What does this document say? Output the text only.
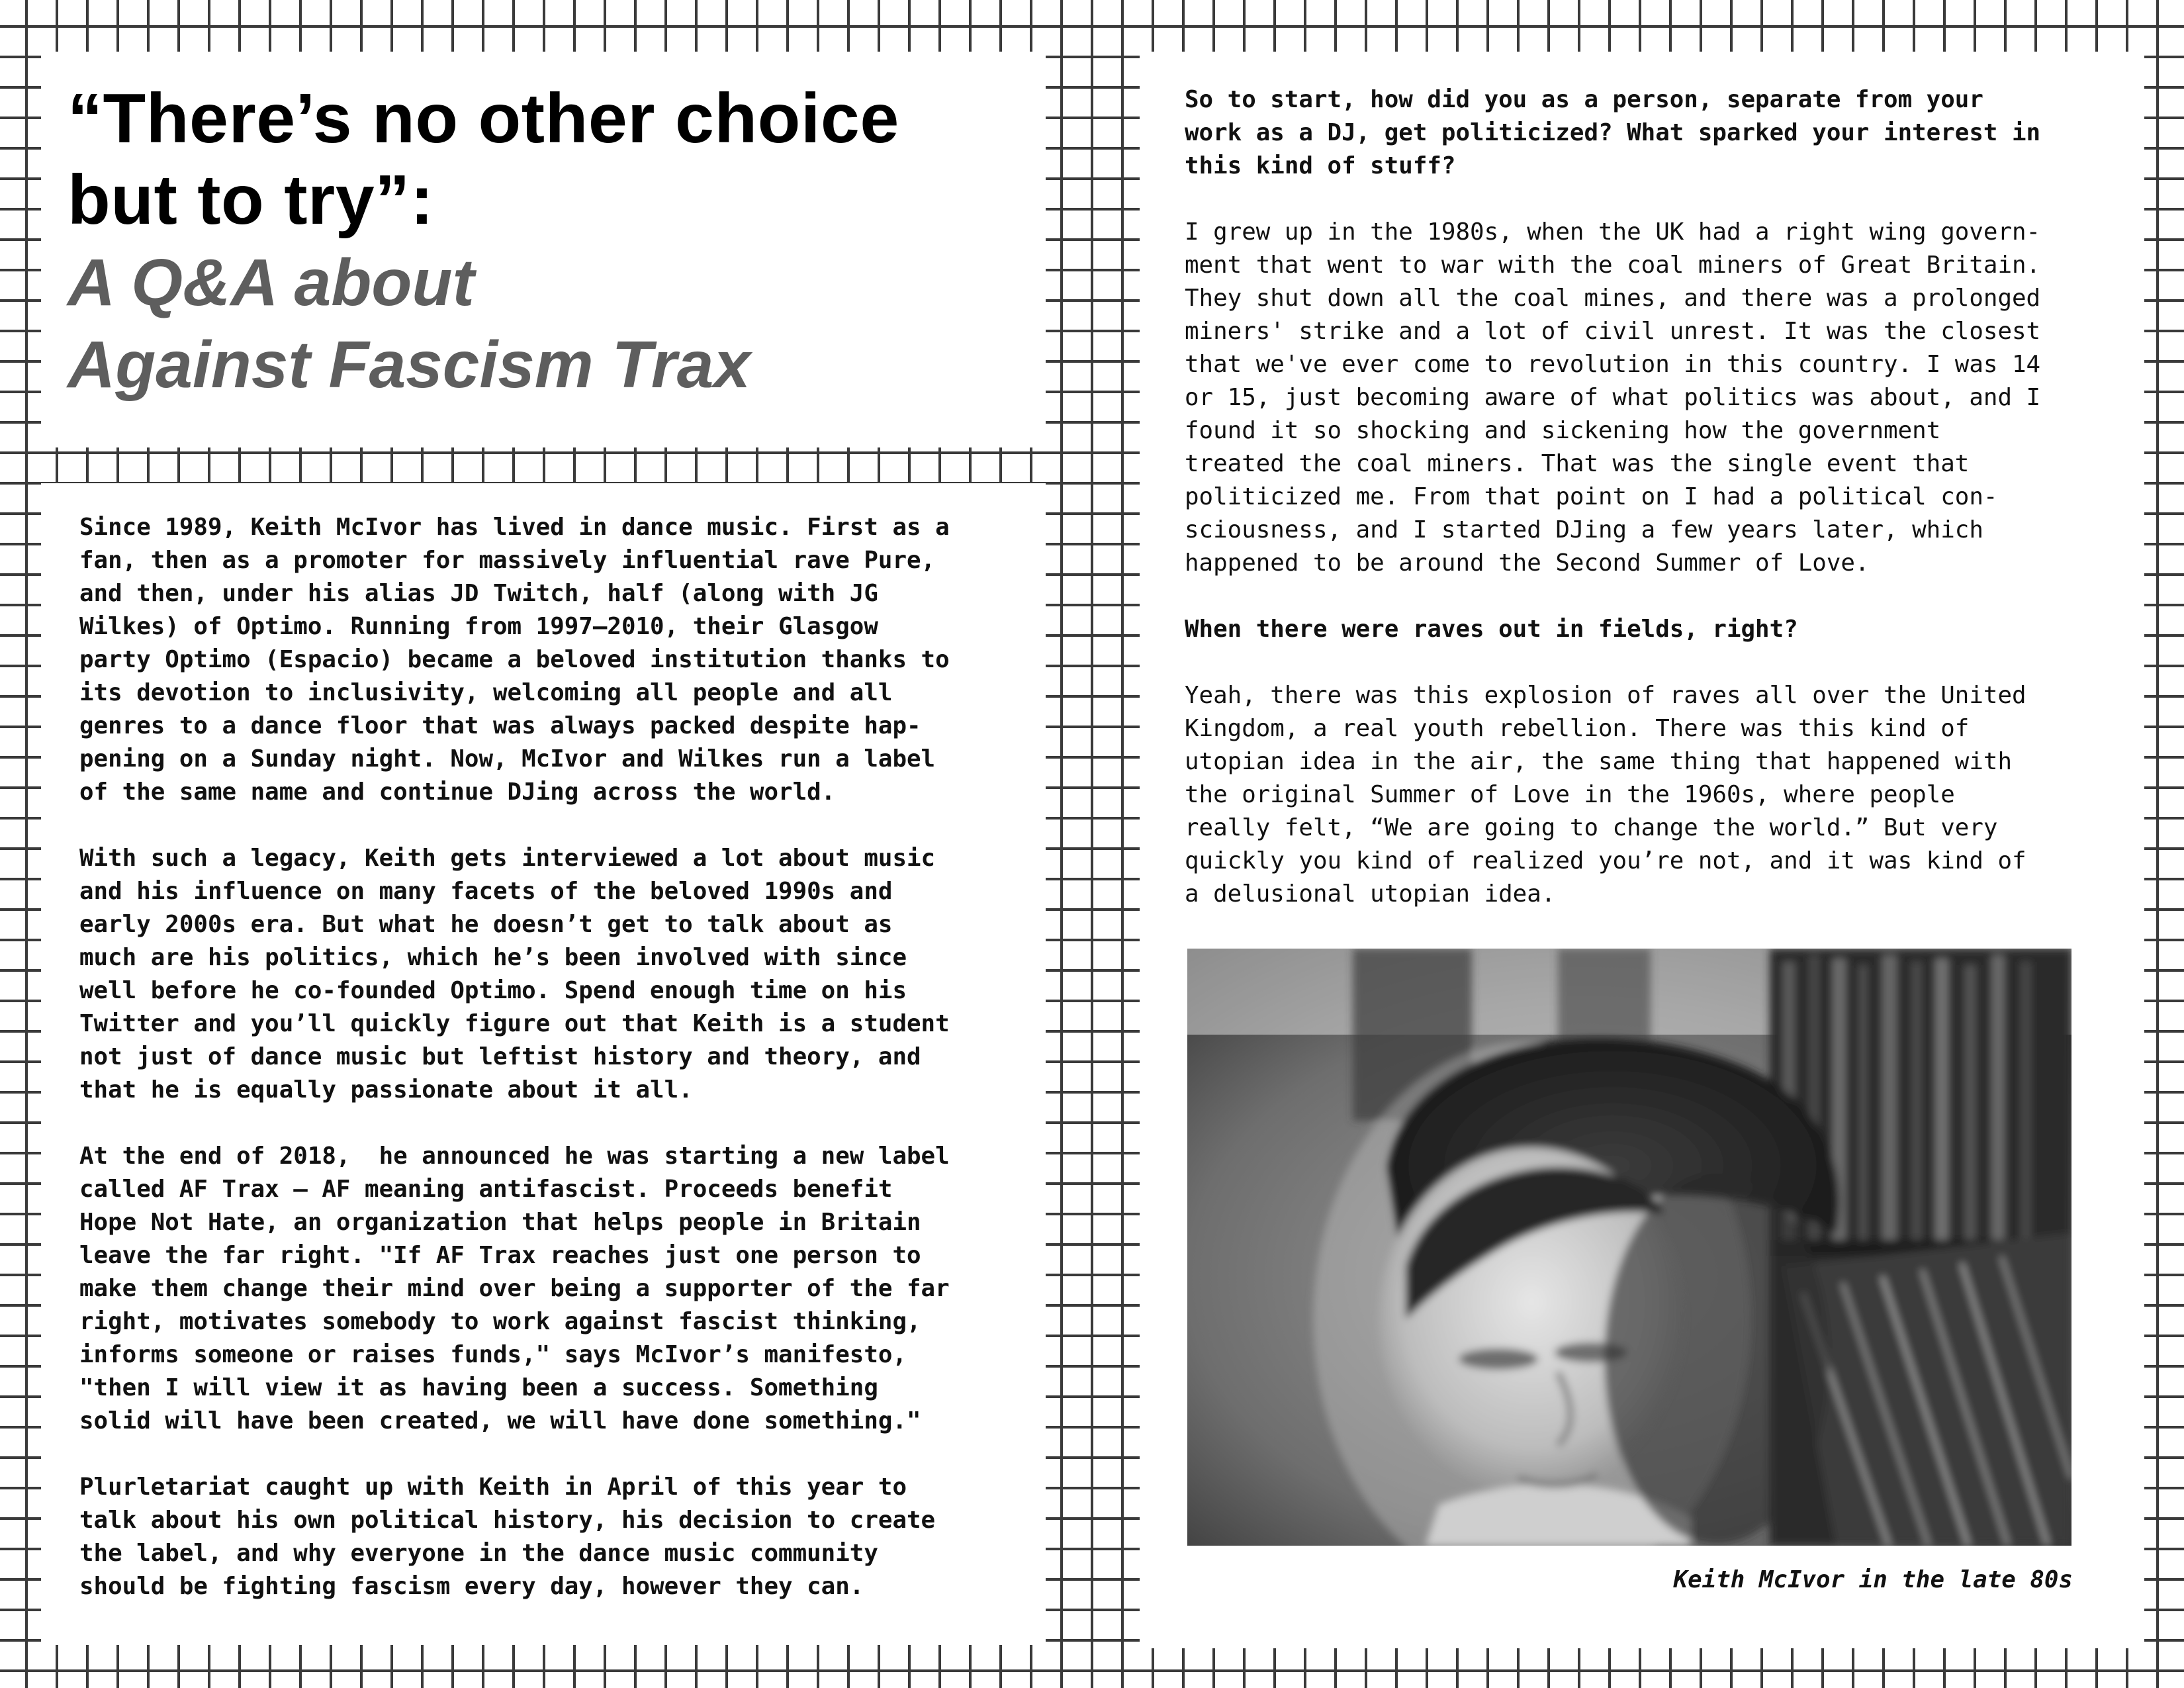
“There’s no other choice
but to try”:
A Q&A about
Against Fascism Trax
Since 1989, Keith McIvor has lived in dance music. First as a
fan, then as a promoter for massively influential rave Pure,
and then, under his alias JD Twitch, half (along with JG
Wilkes) of Optimo. Running from 1997–2010, their Glasgow
party Optimo (Espacio) became a beloved institution thanks to
its devotion to inclusivity, welcoming all people and all
genres to a dance floor that was always packed despite hap-
pening on a Sunday night. Now, McIvor and Wilkes run a label
of the same name and continue DJing across the world.
With such a legacy, Keith gets interviewed a lot about music
and his influence on many facets of the beloved 1990s and
early 2000s era. But what he doesn’t get to talk about as
much are his politics, which he’s been involved with since
well before he co-founded Optimo. Spend enough time on his
Twitter and you’ll quickly figure out that Keith is a student
not just of dance music but leftist history and theory, and
that he is equally passionate about it all.
At the end of 2018,  he announced he was starting a new label
called AF Trax — AF meaning antifascist. Proceeds benefit
Hope Not Hate, an organization that helps people in Britain
leave the far right. "If AF Trax reaches just one person to
make them change their mind over being a supporter of the far
right, motivates somebody to work against fascist thinking,
informs someone or raises funds," says McIvor’s manifesto,
"then I will view it as having been a success. Something
solid will have been created, we will have done something."
Plurletariat caught up with Keith in April of this year to
talk about his own political history, his decision to create
the label, and why everyone in the dance music community
should be fighting fascism every day, however they can.
So to start, how did you as a person, separate from your
work as a DJ, get politicized? What sparked your interest in
this kind of stuff?
I grew up in the 1980s, when the UK had a right wing govern-
ment that went to war with the coal miners of Great Britain.
They shut down all the coal mines, and there was a prolonged
miners' strike and a lot of civil unrest. It was the closest
that we've ever come to revolution in this country. I was 14
or 15, just becoming aware of what politics was about, and I
found it so shocking and sickening how the government
treated the coal miners. That was the single event that
politicized me. From that point on I had a political con-
sciousness, and I started DJing a few years later, which
happened to be around the Second Summer of Love.
When there were raves out in fields, right?
Yeah, there was this explosion of raves all over the United
Kingdom, a real youth rebellion. There was this kind of
utopian idea in the air, the same thing that happened with
the original Summer of Love in the 1960s, where people
really felt, “We are going to change the world.” But very
quickly you kind of realized you’re not, and it was kind of
a delusional utopian idea.

Keith McIvor in the late 80s
